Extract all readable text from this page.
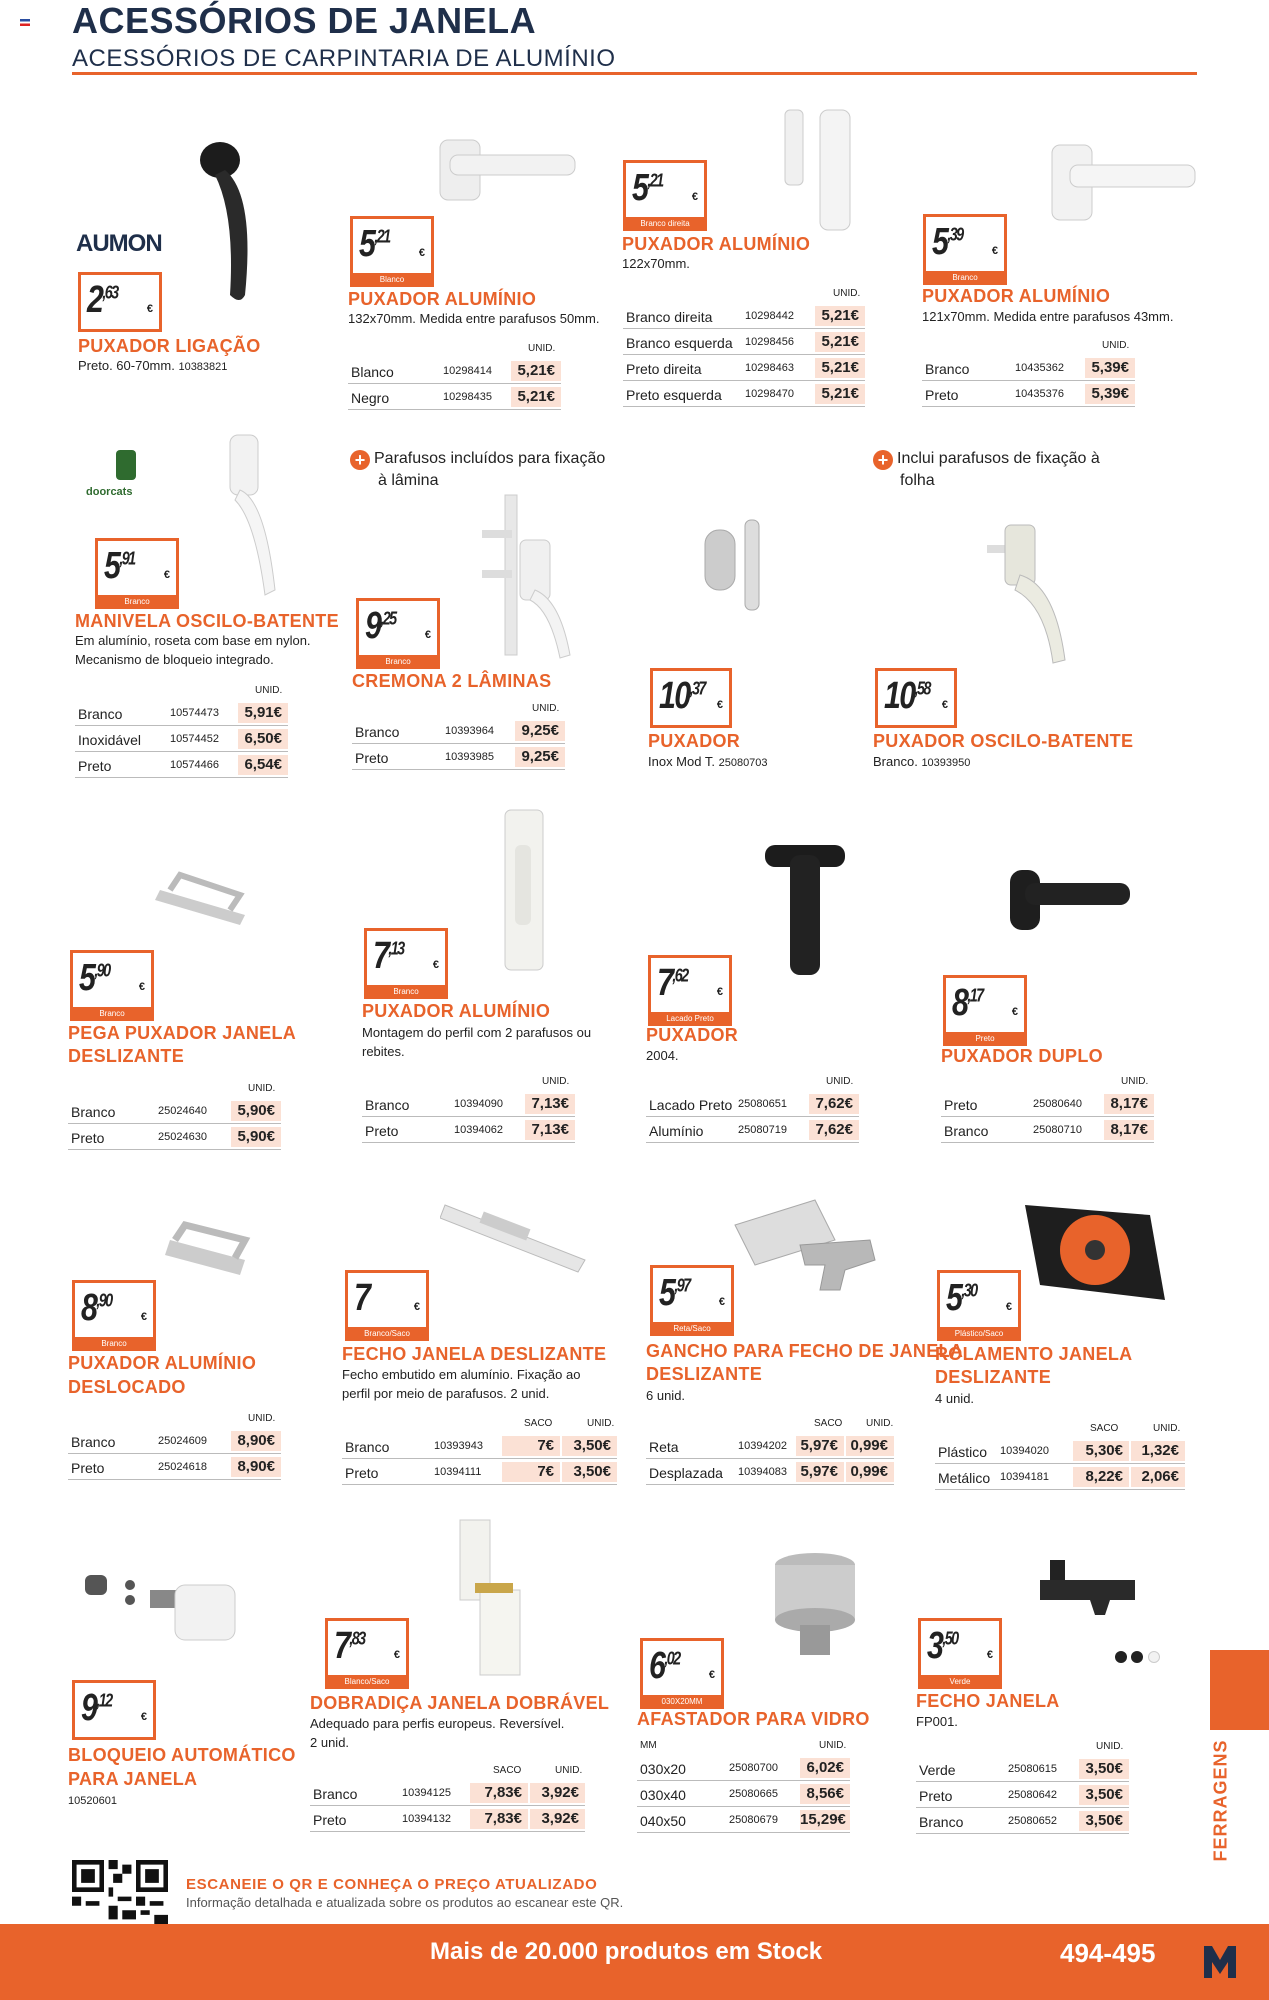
ACESSÓRIOS DE JANELA
ACESSÓRIOS DE CARPINTARIA DE ALUMÍNIO
AUMON
$2^{,63}$
€
PUXADOR LIGAÇÃO
Preto. 60-70mm. 10383821
$5^{,21}$
€
Blanco
PUXADOR ALUMÍNIO
132x70mm. Medida entre parafusos 50mm.
UNID.
Blanco	10298414	5,21€
Negro	10298435	5,21€
$5^{,21}$
€
Branco direita
PUXADOR ALUMÍNIO
122x70mm.
UNID.
Branco direita	10298442	5,21€
Branco esquerda 10298456	5,21€
Preto direita	10298463	5,21€
Preto esquerda 10298470	5,21€
$5^{,39}$
€
Branco
PUXADOR ALUMÍNIO
121x70mm. Medida entre parafusos 43mm.
UNID.
Branco	10435362	5,39€
Preto	10435376	5,39€
doorcats
$5^{,91}$
€
Branco
MANIVELA OSCILO-BATENTE
Em alumínio, roseta com base em nylon.
Mecanismo de bloqueio integrado.
UNID.
Branco	10574473	5,91€
Inoxidável	10574452	6,50€
Preto	10574466	6,54€
+ Parafusos incluídos para fixação
à lâmina
$9^{,25}$
€
Branco
CREMONA 2 LÂMINAS
UNID.
Branco	10393964	9,25€
Preto	10393985	9,25€
$10^{,37}$
€
PUXADOR
Inox Mod T. 25080703
+ Inclui parafusos de fixação à
folha
$10^{,58}$
€
PUXADOR OSCILO-BATENTE
Branco. 10393950
$5^{,90}$
€
Branco
PEGA PUXADOR JANELA
DESLIZANTE
UNID.
Branco	25024640	5,90€
Preto	25024630	5,90€
$7^{,13}$
€
Branco
PUXADOR ALUMÍNIO
Montagem do perfil com 2 parafusos ou
rebites.
UNID.
Branco	10394090	7,13€
Preto	10394062	7,13€
$7^{,62}$
€
Lacado Preto
PUXADOR
2004.
UNID.
Lacado Preto 25080651	7,62€
Alumínio	25080719	7,62€
$8^{,17}$
€
Preto
PUXADOR DUPLO
UNID.
Preto	25080640	8,17€
Branco	25080710	8,17€
$8^{,90}$
€
Branco
PUXADOR ALUMÍNIO
DESLOCADO
UNID.
Branco	25024609	8,90€
Preto	25024618	8,90€
7	€
Branco/Saco
FECHO JANELA DESLIZANTE
Fecho embutido em alumínio. Fixação ao
perfil por meio de parafusos. 2 unid.
SACO	UNID.
Branco	10393943	7€	3,50€
Preto	10394111	7€	3,50€
$5^{,97}$
€
Reta/Saco
GANCHO PARA FECHO DE JANELA
DESLIZANTE
6 unid.
SACO UNID.
Reta	10394202 5,97€ 0,99€
Desplazada 10394083 5,97€ 0,99€
$5^{,30}$
€
Plástico/Saco
ROLAMENTO JANELA
DESLIZANTE
4 unid.
SACO	UNID.
Plástico 10394020	5,30€	1,32€
Metálico 10394181	8,22€	2,06€
$9^{,12}$
€
BLOQUEIO AUTOMÁTICO
PARA JANELA
10520601
$7^{,83}$
€
Blanco/Saco
DOBRADIÇA JANELA DOBRÁVEL
Adequado para perfis europeus. Reversível.
2 unid.
SACO	UNID.
Branco	10394125	7,83€	3,92€
Preto	10394132	7,83€	3,92€
$6^{,02}$
€
030X20MM
AFASTADOR PARA VIDRO
MM	UNID.
030x20	25080700	6,02€
030x40	25080665	8,56€
040x50	25080679 15,29€

$3^{,50}$
€
Verde
FECHO JANELA
FP001.
UNID.
Verde	25080615	3,50€
Preto	25080642	3,50€
Branco	25080652	3,50€	FERRAGENS
ESCANEIE O QR E CONHEÇA O PREÇO ATUALIZADO
Informação detalhada e atualizada sobre os produtos ao escanear este QR.
Mais de 20.000 produtos em Stock	494-495
